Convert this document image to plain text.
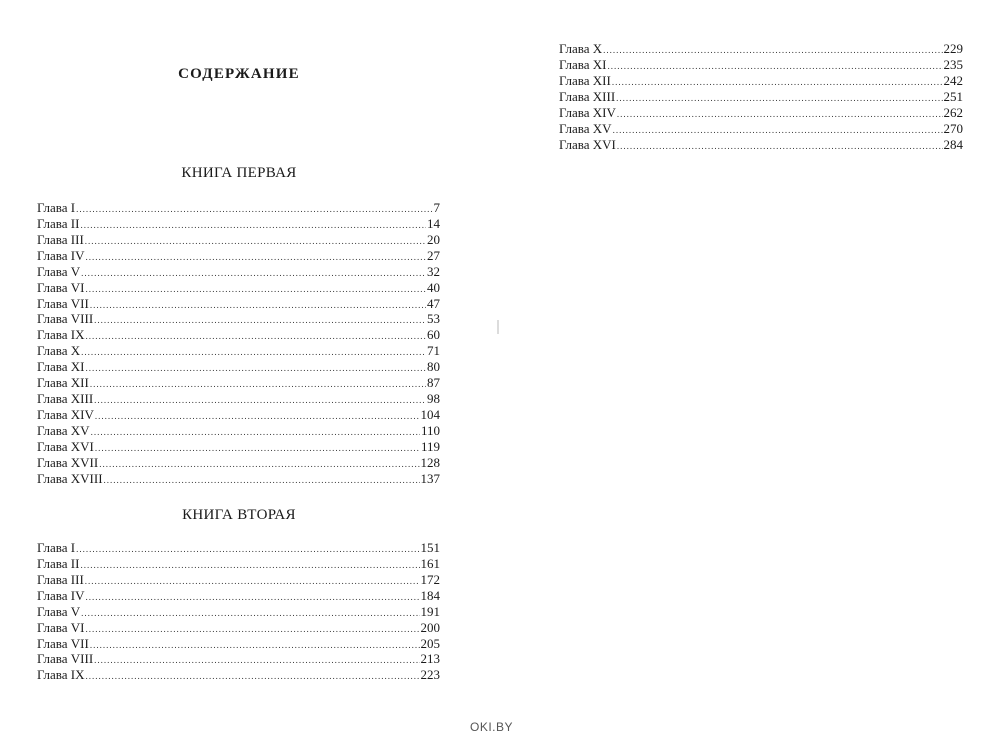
СОДЕРЖАНИЕ
КНИГА ПЕРВАЯ
Глава I .....	7
Глава II .....	14
Глава III .....	20
Глава IV .....	27
Глава V .....	32
Глава VI .....	40
Глава VII .....	47
Глава VIII .....	53
Глава IX .....	60
Глава X .....	71
Глава XI .....	80
Глава XII .....	87
Глава XIII .....	98
Глава XIV .....	104
Глава XV .....	110
Глава XVI .....	119
Глава XVII .....	128
Глава XVIII .....	137
КНИГА ВТОРАЯ
Глава I .....	151
Глава II .....	161
Глава III .....	172
Глава IV .....	184
Глава V .....	191
Глава VI .....	200
Глава VII .....	205
Глава VIII .....	213
Глава IX .....	223
Глава X .....	229
Глава XI .....	235
Глава XII .....	242
Глава XIII .....	251
Глава XIV .....	262
Глава XV .....	270
Глава XVI .....	284
OKI.BY
